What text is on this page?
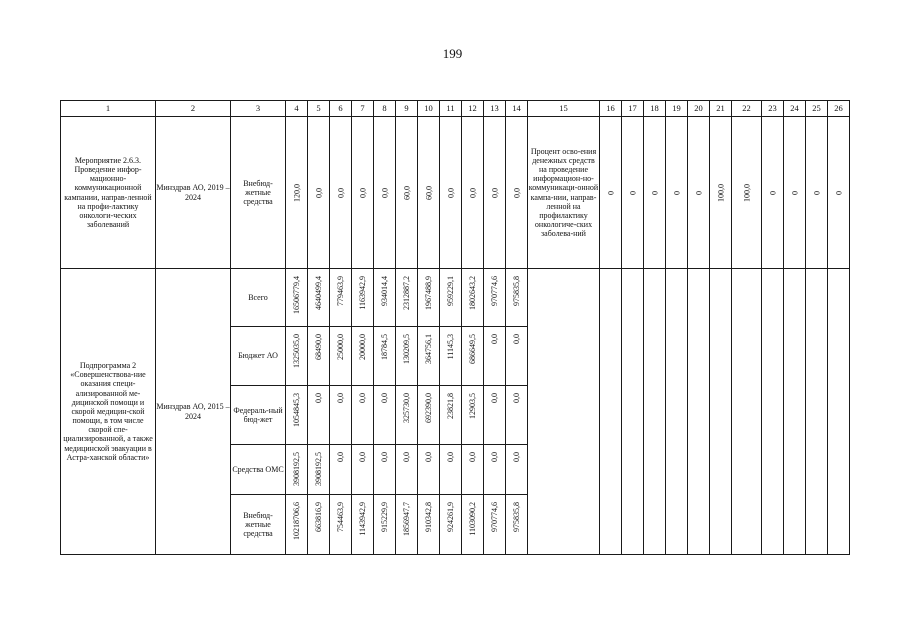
199
1	2	3	4	5	6	7	8	9	10	11	12	13	14	15	16	17	18	19	20	21	22	23	24	25	26
Мероприятие 2.6.3. Проведение инфор-мационно-коммуникационной кампании, направ-ленной на профи-лактику онкологи-ческих заболеваний	Минздрав АО, 2019 –2024	Внебюд-жетные средства	120,0	0,0	0,0	0,0	0,0	60,0	60,0	0,0	0,0	0,0	0,0	Процент осво-ения денежных средств на проведение информацион-но-коммуникаци-онной кампа-нии, направ-ленной на профилактику онкологиче-ских заболева-ний	0	0	0	0	0	100,0	100,0	0	0	0	0

Подпрограмма 2 «Совершенствова-ние оказания специ-ализированной ме-дицинской помощи и скорой медицин-ской помощи, в том числе скорой спе-циализированной, а также медицинской эвакуации в Астра-ханской области»	Минздрав АО, 2015 –2024	Всего	16506779,4	4640499,4	779463,9	1163942,9	934014,4	2312887,2	1967488,9	959229,1	1802643,2	970774,6	975835,8												

		Бюджет АО	1325035,0	68490,0	25000,0	20000,0	18784,5	130209,5	364756,1	11145,3	686649,5	0,0	0,0												

		Федераль-ный бюд-жет	1054845,3	0,0	0,0	0,0	0,0	325730,0	692390,0	23821,8	12903,5	0,0	0,0												

		Средства ОМС	3908192,5	3908192,5	0,0	0,0	0,0	0,0	0,0	0,0	0,0	0,0	0,0												

		Внебюд-жетные средства	10218706,6	663816,9	754463,9	1143942,9	915229,9	1856947,7	910342,8	924261,9	1103090,2	970774,6	975835,8												
